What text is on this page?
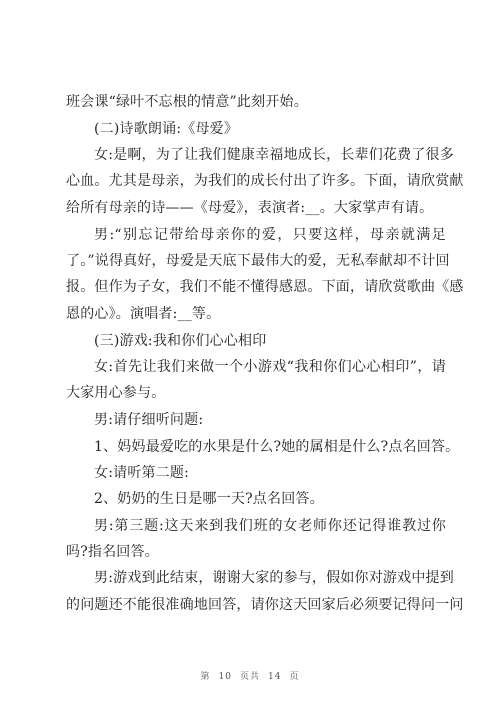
班会课“绿叶不忘根的情意”此刻开始。
(二)诗歌朗诵:《母爱》
女:是啊，为了让我们健康幸福地成长，长辈们花费了很多
心血。尤其是母亲，为我们的成长付出了许多。下面，请欣赏献
给所有母亲的诗——《母爱》，表演者:__。大家掌声有请。
男:“别忘记带给母亲你的爱，只要这样，母亲就满足
了。”说得真好，母爱是天底下最伟大的爱，无私奉献却不计回
报。但作为子女，我们不能不懂得感恩。下面，请欣赏歌曲《感
恩的心》。演唱者:__等。
(三)游戏:我和你们心心相印
女:首先让我们来做一个小游戏“我和你们心心相印”，请
大家用心参与。
男:请仔细听问题:
1、妈妈最爱吃的水果是什么?她的属相是什么?点名回答。
女:请听第二题:
2、奶奶的生日是哪一天?点名回答。
男:第三题:这天来到我们班的女老师你还记得谁教过你
吗?指名回答。
男:游戏到此结束，谢谢大家的参与，假如你对游戏中提到
的问题还不能很准确地回答，请你这天回家后必须要记得问一问
第 10 页共 14 页
